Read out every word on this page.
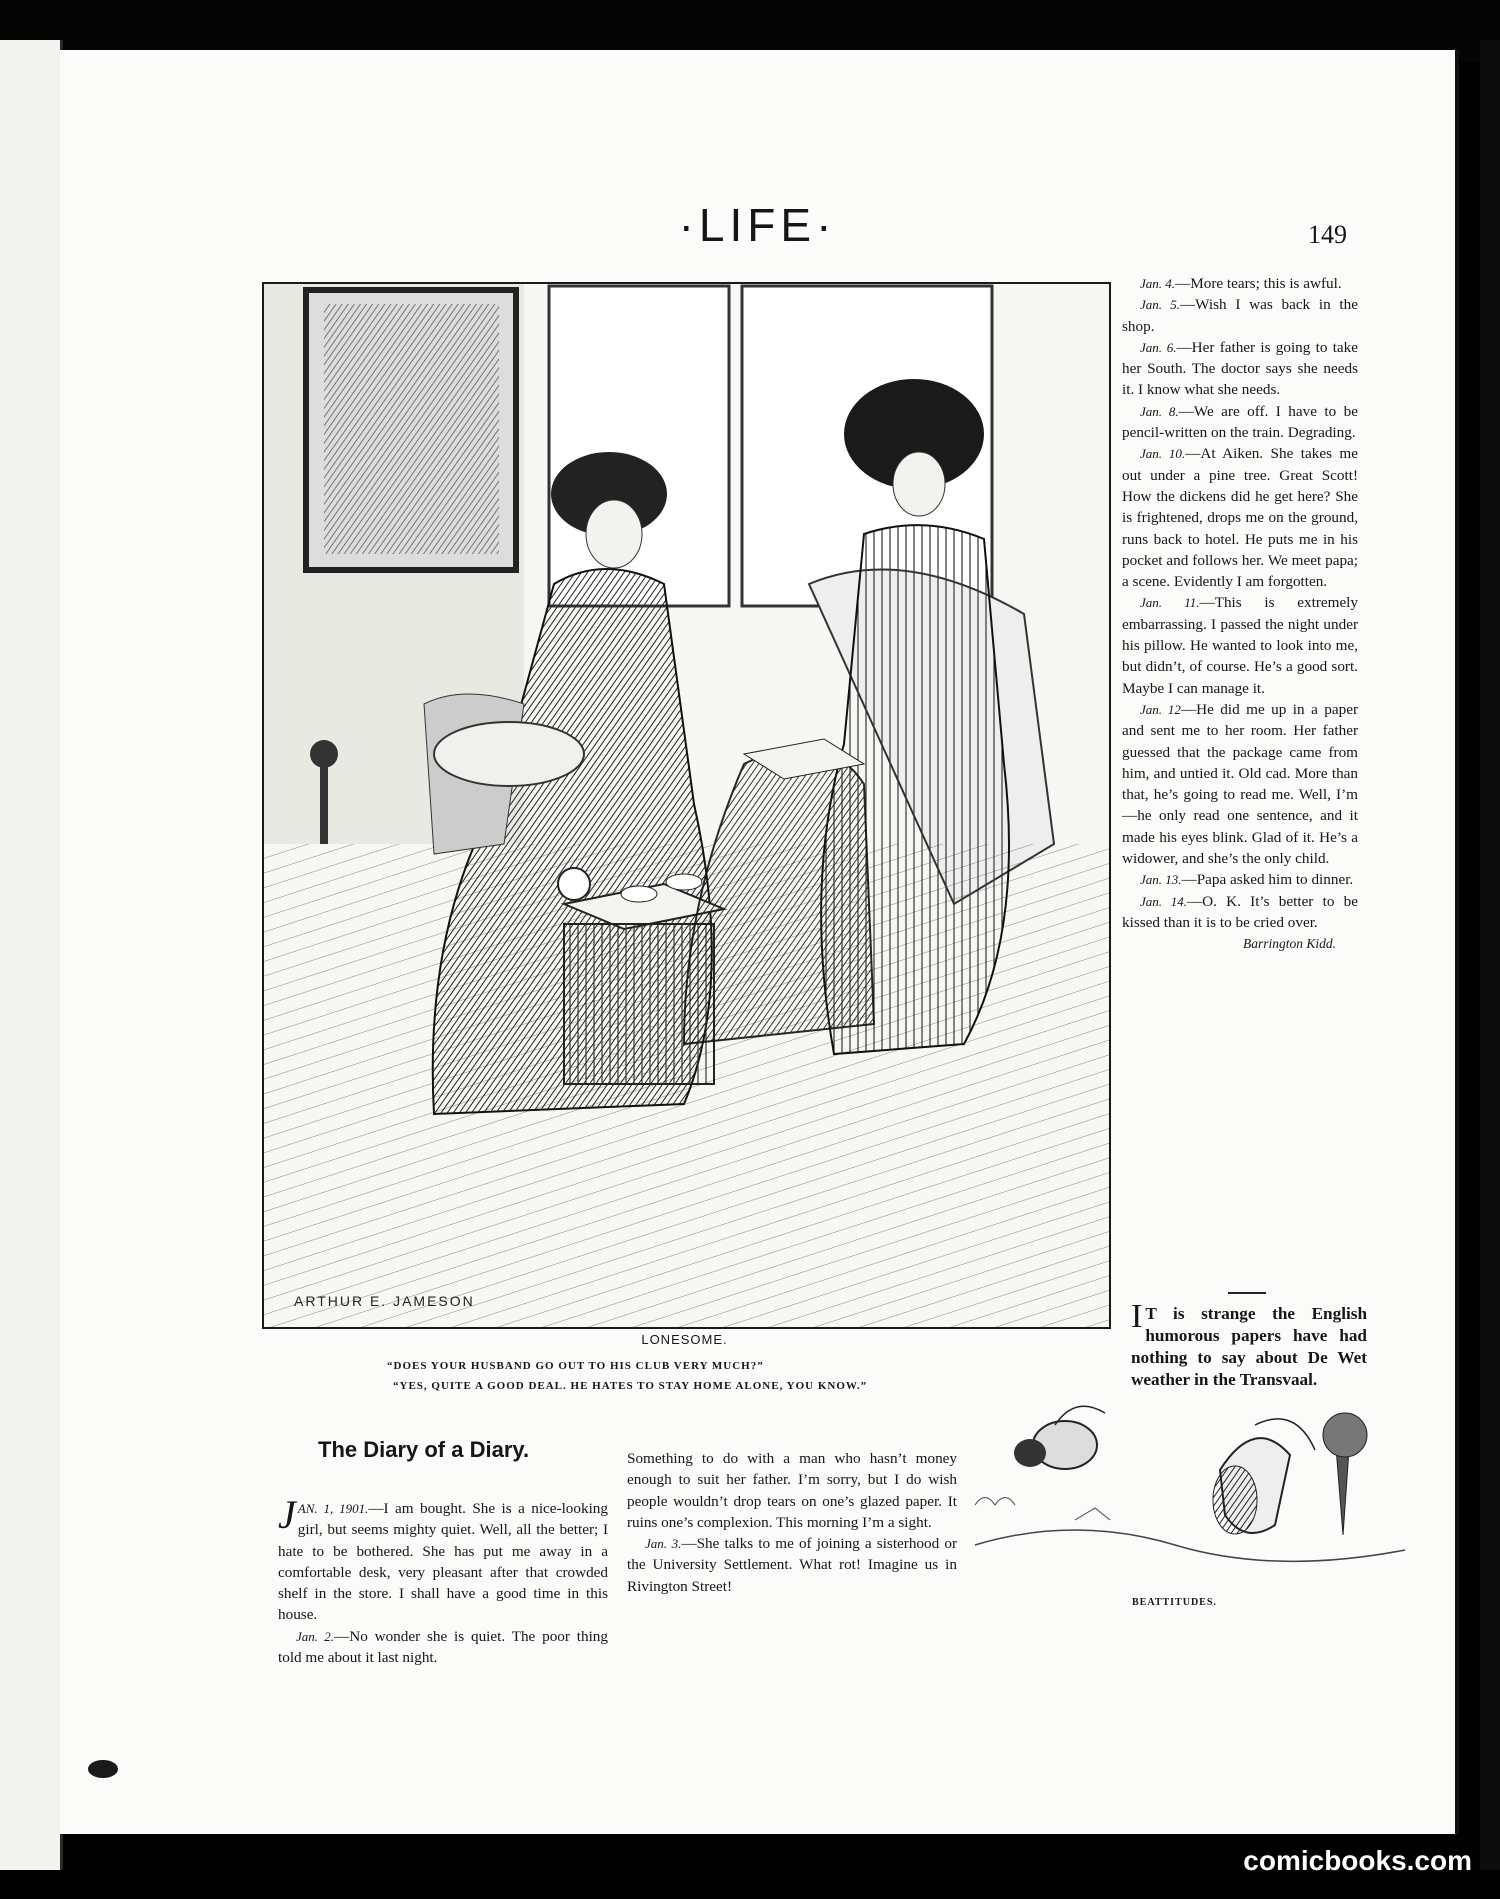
·LIFE·	149
ARTHUR E. JAMESON
LONESOME.
“DOES YOUR HUSBAND GO OUT TO HIS CLUB VERY MUCH?”
“YES, QUITE A GOOD DEAL. HE HATES TO STAY HOME ALONE, YOU KNOW.”

Jan. 4.—More tears; this is awful.

Jan. 5.—Wish I was back in the shop.

Jan. 6.—Her father is going to take her South. The doctor says she needs it. I know what she needs.

Jan. 8.—We are off. I have to be pencil-written on the train. Degrading.

Jan. 10.—At Aiken. She takes me out under a pine tree. Great Scott! How the dickens did he get here? She is frightened, drops me on the ground, runs back to hotel. He puts me in his pocket and follows her. We meet papa; a scene. Evidently I am forgotten.

Jan. 11.—This is extremely embarrassing. I passed the night under his pillow. He wanted to look into me, but didn’t, of course. He’s a good sort. Maybe I can manage it.

Jan. 12—He did me up in a paper and sent me to her room. Her father guessed that the package came from him, and untied it. Old cad. More than that, he’s going to read me. Well, I’m—he only read one sentence, and it made his eyes blink. Glad of it. He’s a widower, and she’s the only child.

Jan. 13.—Papa asked him to dinner.

Jan. 14.—O. K. It’s better to be kissed than it is to be cried over.

Barrington Kidd.

I T is strange the English humorous papers have had nothing to say about De Wet weather in the Transvaal.
The Diary of a Diary.

JAN. 1, 1901.—I am bought. She is a nice-looking girl, but seems mighty quiet. Well, all the better; I hate to be bothered. She has put me away in a comfortable desk, very pleasant after that crowded shelf in the store. I shall have a good time in this house.

Jan. 2.—No wonder she is quiet. The poor thing told me about it last night.

Something to do with a man who hasn’t money enough to suit her father. I’m sorry, but I do wish people wouldn’t drop tears on one’s glazed paper. It ruins one’s complexion. This morning I’m a sight.

Jan. 3.—She talks to me of joining a sisterhood or the University Settlement. What rot! Imagine us in Rivington Street!

BEATTITUDES.
comicbooks.com
